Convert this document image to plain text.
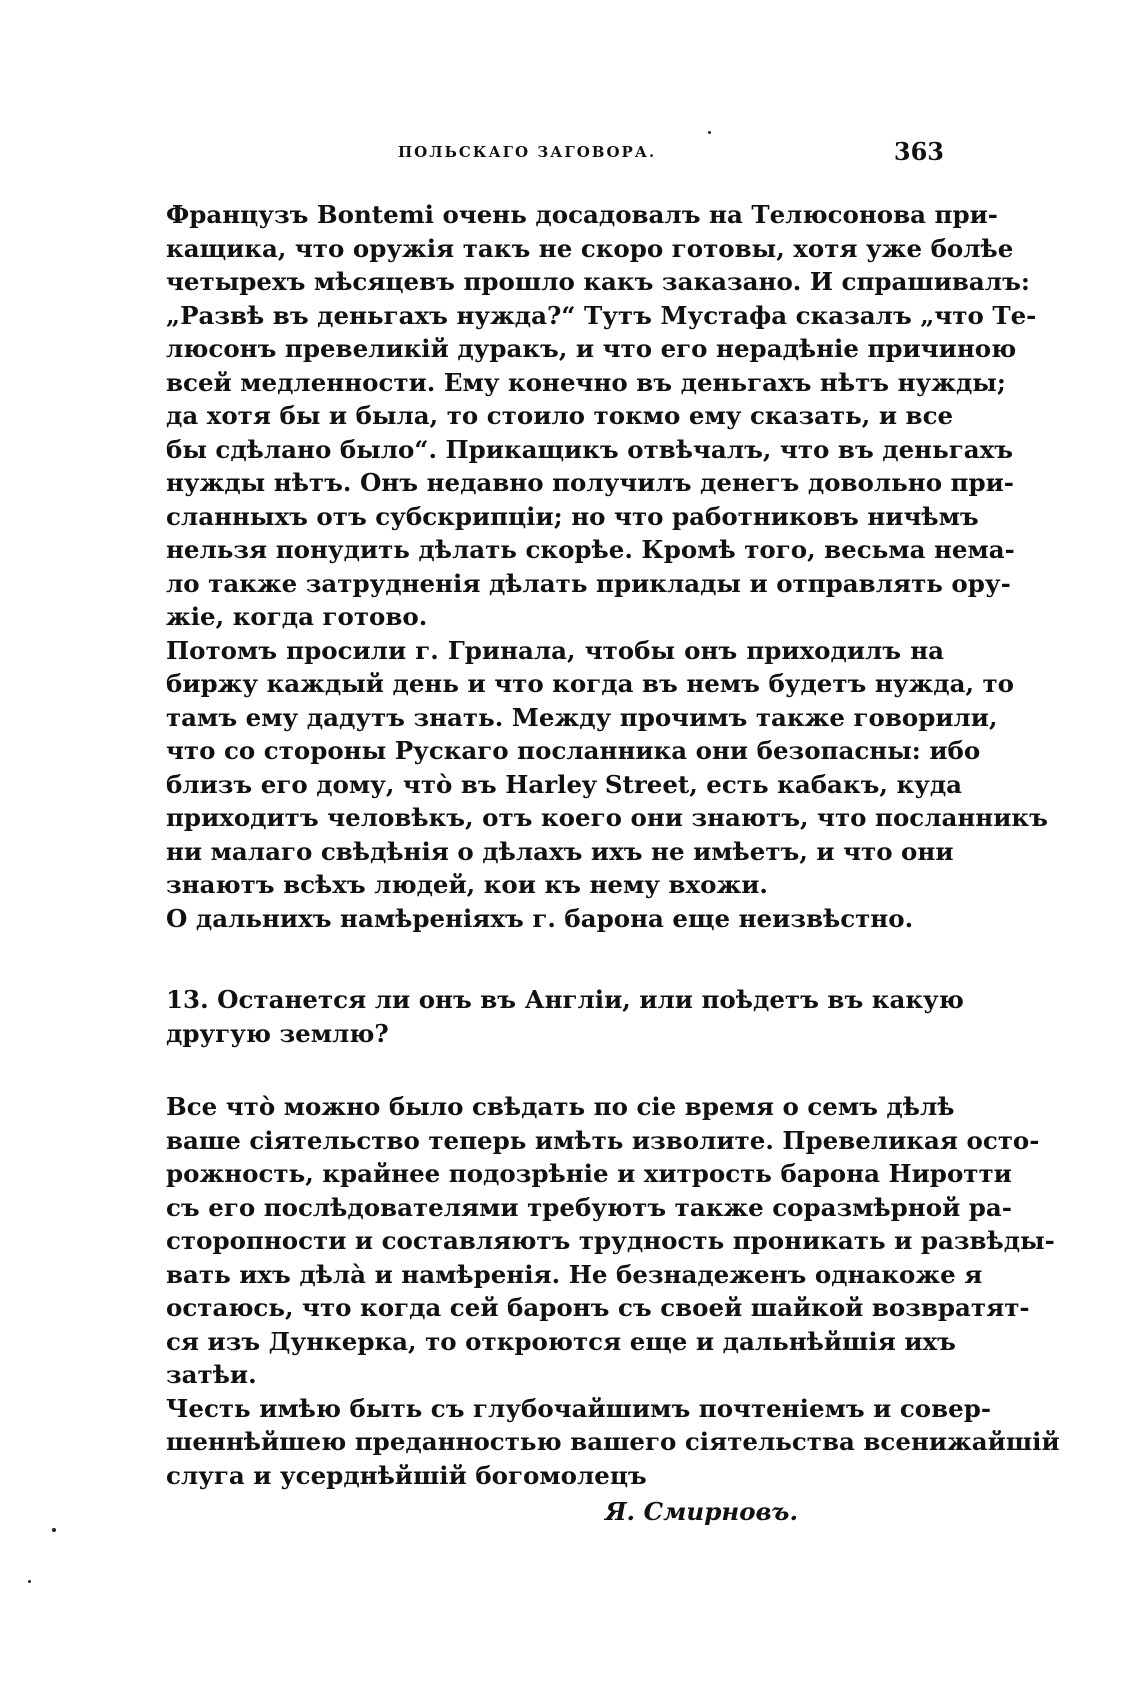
ПОЛЬСКАГО ЗАГОВОРА.	363
Французъ Bontemi очень досадовалъ на Телюсонова при-
кащика, что оружія такъ не скоро готовы, хотя уже болѣе
четырехъ мѣсяцевъ прошло какъ заказано. И спрашивалъ:
„Развѣ въ деньгахъ нужда?“ Тутъ Мустафа сказалъ „что Те-
люсонъ превеликій дуракъ, и что его нерадѣніе причиною
всей медленности. Ему конечно въ деньгахъ нѣтъ нужды;
да хотя бы и была, то стоило токмо ему сказать, и все
бы сдѣлано было“. Прикащикъ отвѣчалъ, что въ деньгахъ
нужды нѣтъ. Онъ недавно получилъ денегъ довольно при-
сланныхъ отъ субскрипціи; но что работниковъ ничѣмъ
нельзя понудить дѣлать скорѣе. Кромѣ того, весьма нема-
ло также затрудненія дѣлать приклады и отправлять ору-
жіе, когда готово.
Потомъ просили г. Гринала, чтобы онъ приходилъ на
биржу каждый день и что когда въ немъ будетъ нужда, то
тамъ ему дадутъ знать. Между прочимъ также говорили,
что со стороны Рускаго посланника они безопасны: ибо
близъ его дому, что̀ въ Harley Street, есть кабакъ, куда
приходитъ человѣкъ, отъ коего они знаютъ, что посланникъ
ни малаго свѣдѣнія о дѣлахъ ихъ не имѣетъ, и что они
знаютъ всѣхъ людей, кои къ нему вхожи.
О дальнихъ намѣреніяхъ г. барона еще неизвѣстно.
13. Останется ли онъ въ Англіи, или поѣдетъ въ какую
другую землю?
Все что̀ можно было свѣдать по сіе время о семъ дѣлѣ
ваше сіятельство теперь имѣть изволите. Превеликая осто-
рожность, крайнее подозрѣніе и хитрость барона Ниротти
съ его послѣдователями требуютъ также соразмѣрной ра-
сторопности и составляютъ трудность проникать и развѣды-
вать ихъ дѣла̀ и намѣренія. Не безнадеженъ однакоже я
остаюсь, что когда сей баронъ съ своей шайкой возвратят-
ся изъ Дункерка, то откроются еще и дальнѣйшія ихъ
затѣи.
Честь имѣю быть съ глубочайшимъ почтеніемъ и совер-
шеннѣйшею преданностью вашего сіятельства всенижайшій
слуга и усерднѣйшій богомолецъ
Я. Смирновъ.
